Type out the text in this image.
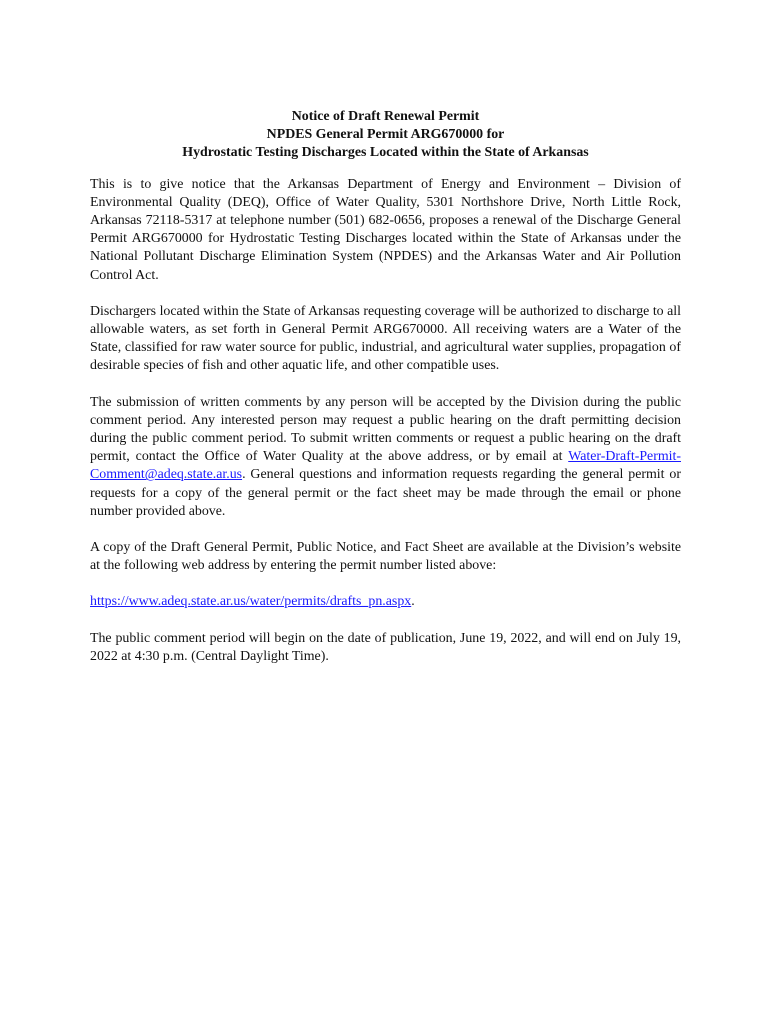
Notice of Draft Renewal Permit
NPDES General Permit ARG670000 for
Hydrostatic Testing Discharges Located within the State of Arkansas

This is to give notice that the Arkansas Department of Energy and Environment – Division of Environmental Quality (DEQ), Office of Water Quality, 5301 Northshore Drive, North Little Rock, Arkansas 72118-5317 at telephone number (501) 682-0656, proposes a renewal of the Discharge General Permit ARG670000 for Hydrostatic Testing Discharges located within the State of Arkansas under the National Pollutant Discharge Elimination System (NPDES) and the Arkansas Water and Air Pollution Control Act.

Dischargers located within the State of Arkansas requesting coverage will be authorized to discharge to all allowable waters, as set forth in General Permit ARG670000. All receiving waters are a Water of the State, classified for raw water source for public, industrial, and agricultural water supplies, propagation of desirable species of fish and other aquatic life, and other compatible uses.

The submission of written comments by any person will be accepted by the Division during the public comment period. Any interested person may request a public hearing on the draft permitting decision during the public comment period. To submit written comments or request a public hearing on the draft permit, contact the Office of Water Quality at the above address, or by email at Water-Draft-Permit-Comment@adeq.state.ar.us. General questions and information requests regarding the general permit or requests for a copy of the general permit or the fact sheet may be made through the email or phone number provided above.

A copy of the Draft General Permit, Public Notice, and Fact Sheet are available at the Division’s website at the following web address by entering the permit number listed above:

https://www.adeq.state.ar.us/water/permits/drafts_pn.aspx.

The public comment period will begin on the date of publication, June 19, 2022, and will end on July 19, 2022 at 4:30 p.m. (Central Daylight Time).
